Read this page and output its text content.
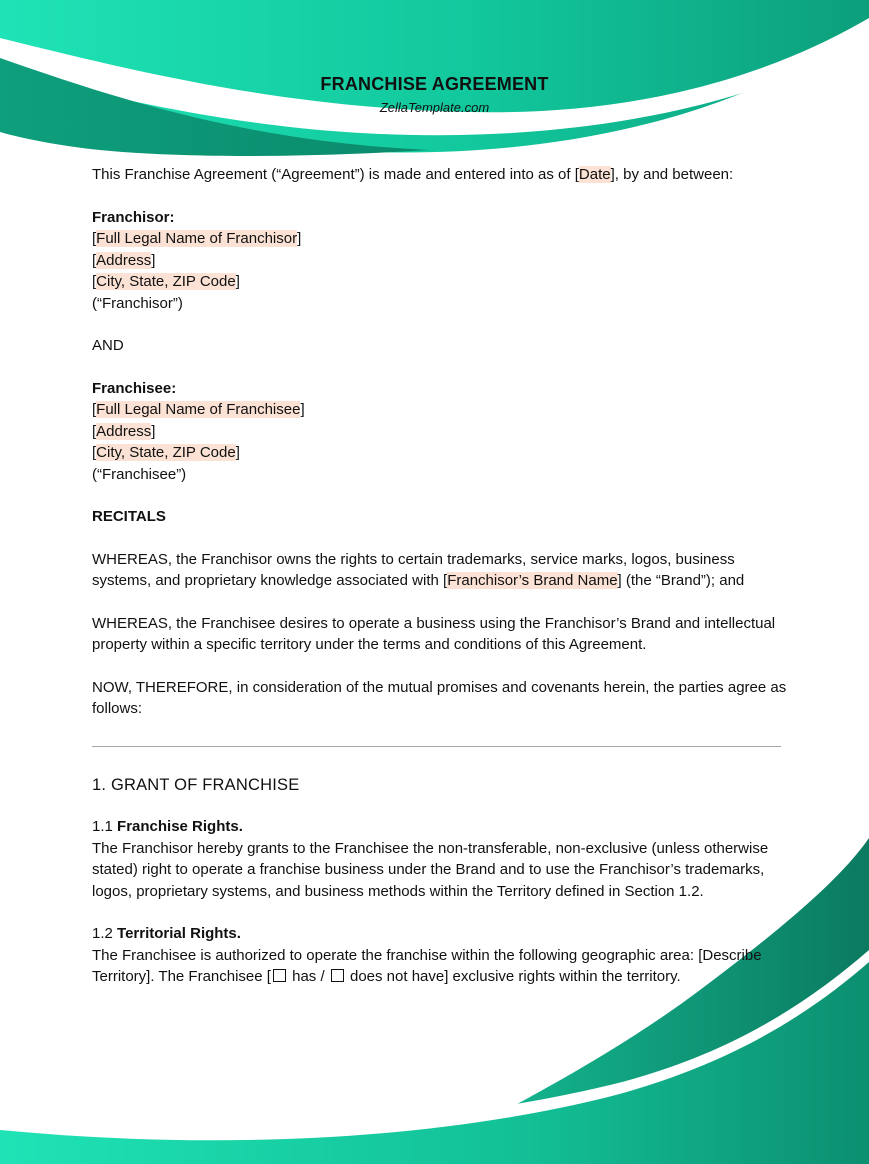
FRANCHISE AGREEMENT
ZellaTemplate.com

This Franchise Agreement (“Agreement”) is made and entered into as of [Date], by and between:

Franchisor:

[Full Legal Name of Franchisor]

[Address]

[City, State, ZIP Code]

(“Franchisor”)

AND

Franchisee:

[Full Legal Name of Franchisee]

[Address]

[City, State, ZIP Code]

(“Franchisee”)

RECITALS

WHEREAS, the Franchisor owns the rights to certain trademarks, service marks, logos, business systems, and proprietary knowledge associated with [Franchisor’s Brand Name] (the “Brand”); and

WHEREAS, the Franchisee desires to operate a business using the Franchisor’s Brand and intellectual property within a specific territory under the terms and conditions of this Agreement.

NOW, THEREFORE, in consideration of the mutual promises and covenants herein, the parties agree as follows:

1. GRANT OF FRANCHISE

1.1 Franchise Rights.

The Franchisor hereby grants to the Franchisee the non-transferable, non-exclusive (unless otherwise stated) right to operate a franchise business under the Brand and to use the Franchisor’s trademarks, logos, proprietary systems, and business methods within the Territory defined in Section 1.2.

1.2 Territorial Rights.

The Franchisee is authorized to operate the franchise within the following geographic area: [Describe Territory]. The Franchisee [ has /  does not have] exclusive rights within the territory.
